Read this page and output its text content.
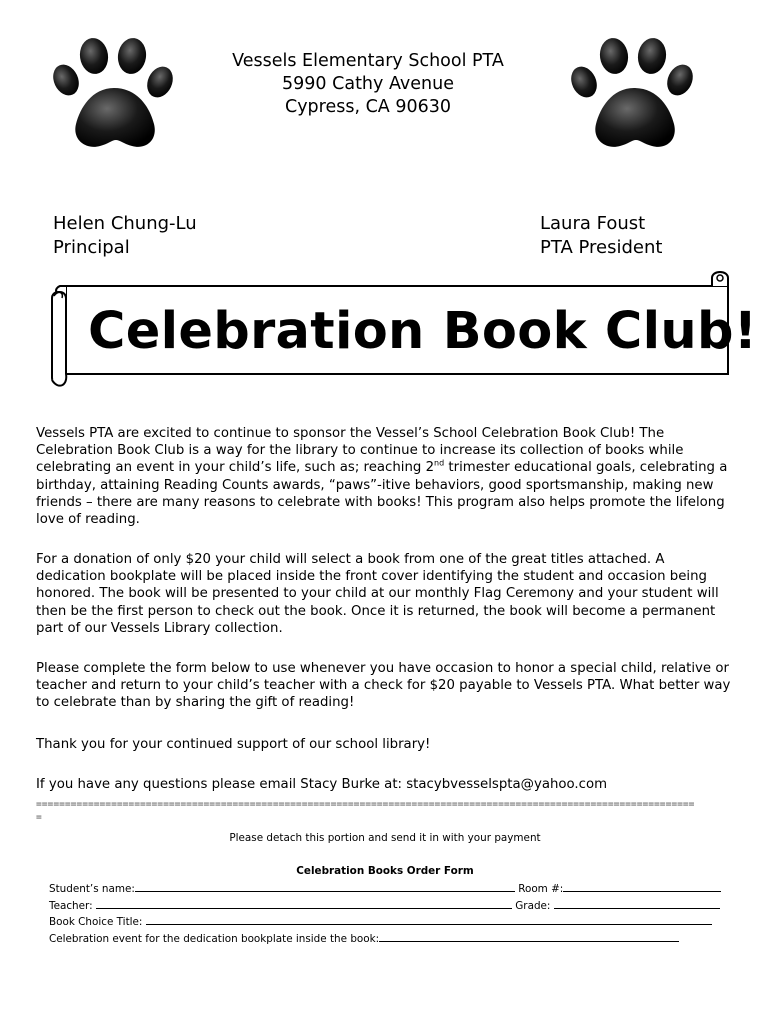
Vessels Elementary School PTA
5990 Cathy Avenue
Cypress, CA 90630
Helen Chung-Lu
Principal
Laura Foust
PTA President
Celebration Book Club!
Vessels PTA are excited to continue to sponsor the Vessel’s School Celebration Book Club! The Celebration Book Club is a way for the library to continue to increase its collection of books while celebrating an event in your child’s life, such as; reaching 2nd trimester educational goals, celebrating a birthday, attaining Reading Counts awards, “paws”-itive behaviors, good sportsmanship, making new friends – there are many reasons to celebrate with books! This program also helps promote the lifelong love of reading.
For a donation of only $20 your child will select a book from one of the great titles attached. A dedication bookplate will be placed inside the front cover identifying the student and occasion being honored. The book will be presented to your child at our monthly Flag Ceremony and your student will then be the first person to check out the book. Once it is returned, the book will become a permanent part of our Vessels Library collection.
Please complete the form below to use whenever you have occasion to honor a special child, relative or teacher and return to your child’s teacher with a check for $20 payable to Vessels PTA. What better way to celebrate than by sharing the gift of reading!
Thank you for your continued support of our school library!
If you have any questions please email Stacy Burke at: stacybvesselspta@yahoo.com
==================================================================================================================
=
Please detach this portion and send it in with your payment
Celebration Books Order Form
Student’s name:	Room #:
Teacher:	Grade:
Book Choice Title:
Celebration event for the dedication bookplate inside the book:
